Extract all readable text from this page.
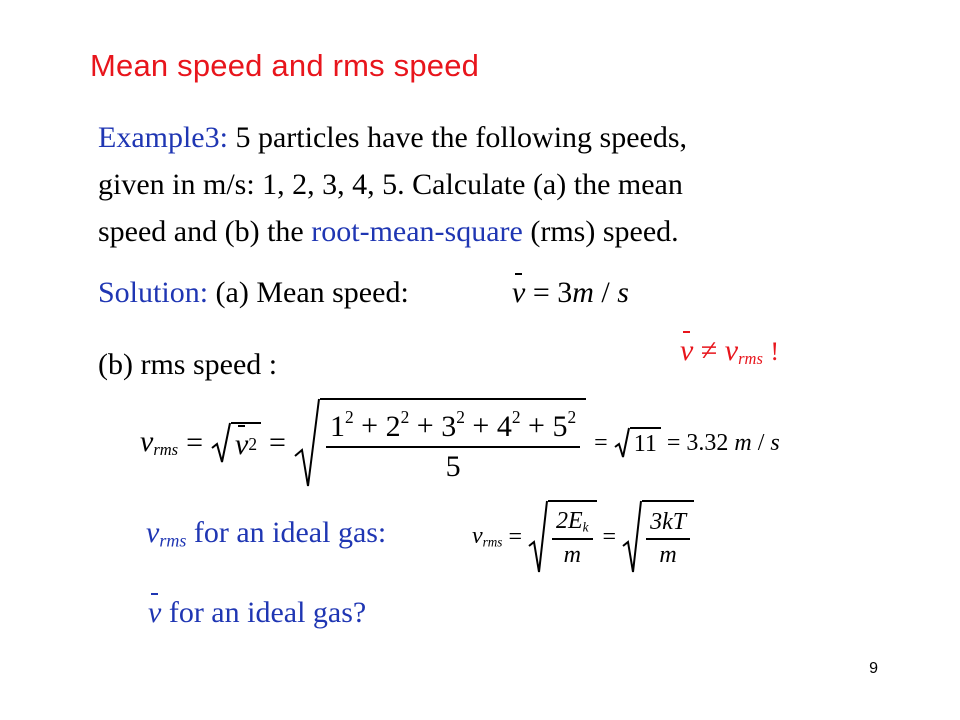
Mean speed and rms speed
Example3: 5 particles have the following speeds,
given in m/s: 1, 2, 3, 4, 5. Calculate (a) the mean
speed and (b) the root-mean-square (rms) speed.
Solution: (a) Mean speed:	v = 3m / s
$v \ne v_{rms}$ !
(b) rms speed :
$v_{rms} = v$ $2 = 1^2 + 2^2 + 3^2 + 4^2 + 5^2$
5
= 11 = 3.32 m / s
$v_{rms}$ for an ideal gas:	$v_{rms} = \frac{2E_k}{m} = \frac{3kT}{m}$
v for an ideal gas?
9
